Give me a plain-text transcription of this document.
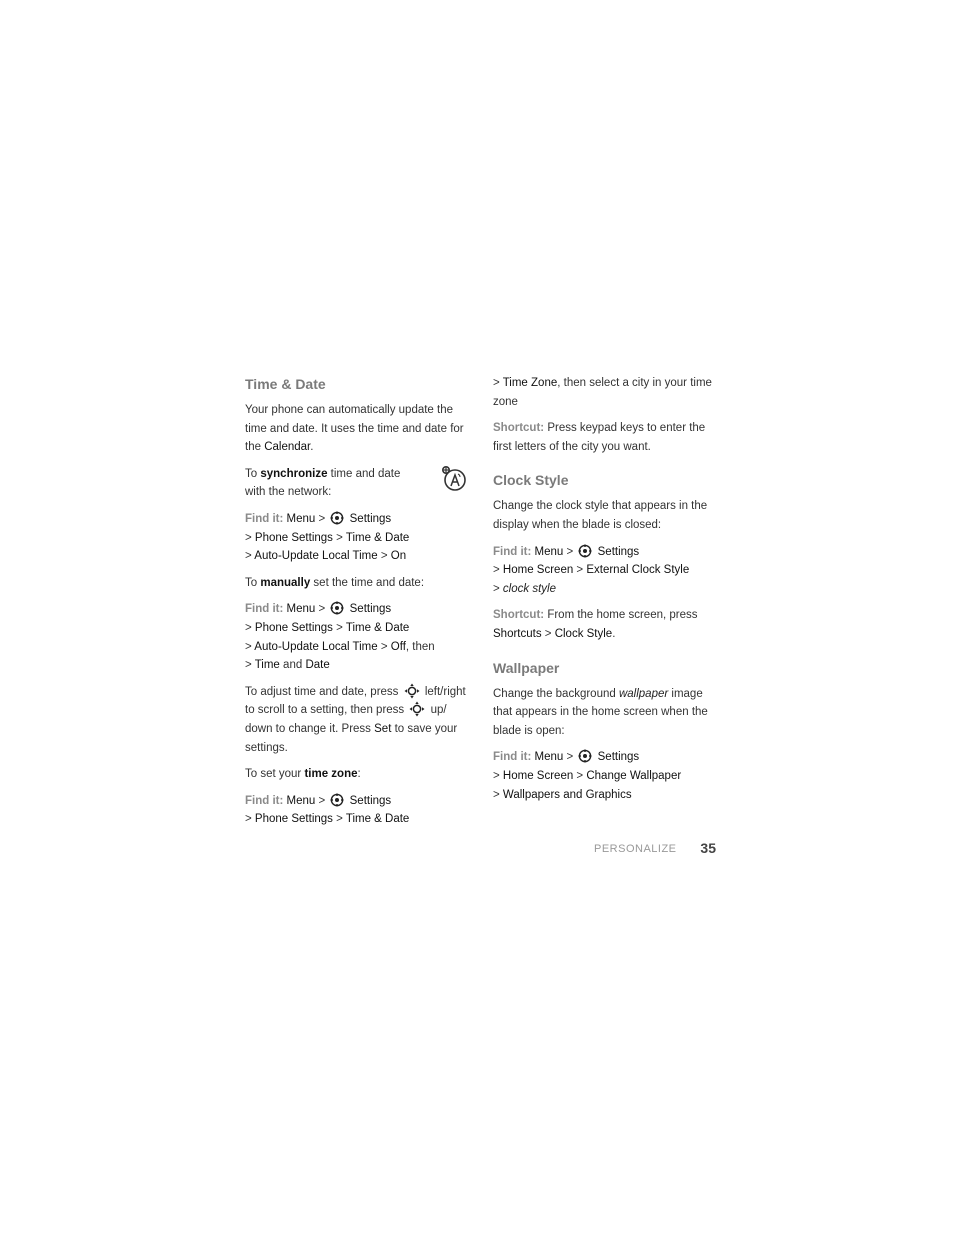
Time & Date

Your phone can automatically update the time and date. It uses the time and date for the Calendar.

To synchronize time and date with the network:

Find it: Menu >  Settings
> Phone Settings > Time & Date
> Auto-Update Local Time > On

To manually set the time and date:

Find it: Menu >  Settings
> Phone Settings > Time & Date
> Auto-Update Local Time > Off, then
> Time and Date

To adjust time and date, press left/right to scroll to a setting, then press up/ down to change it. Press Set to save your settings.

To set your time zone:

Find it: Menu >  Settings
> Phone Settings > Time & Date

> Time Zone, then select a city in your time zone

Shortcut: Press keypad keys to enter the first letters of the city you want.

Clock Style

Change the clock style that appears in the display when the blade is closed:

Find it: Menu >  Settings
> Home Screen > External Clock Style
> clock style

Shortcut: From the home screen, press Shortcuts > Clock Style.

Wallpaper

Change the background wallpaper image that appears in the home screen when the blade is open:

Find it: Menu >  Settings
> Home Screen > Change Wallpaper
> Wallpapers and Graphics

PERSONALIZE 35
